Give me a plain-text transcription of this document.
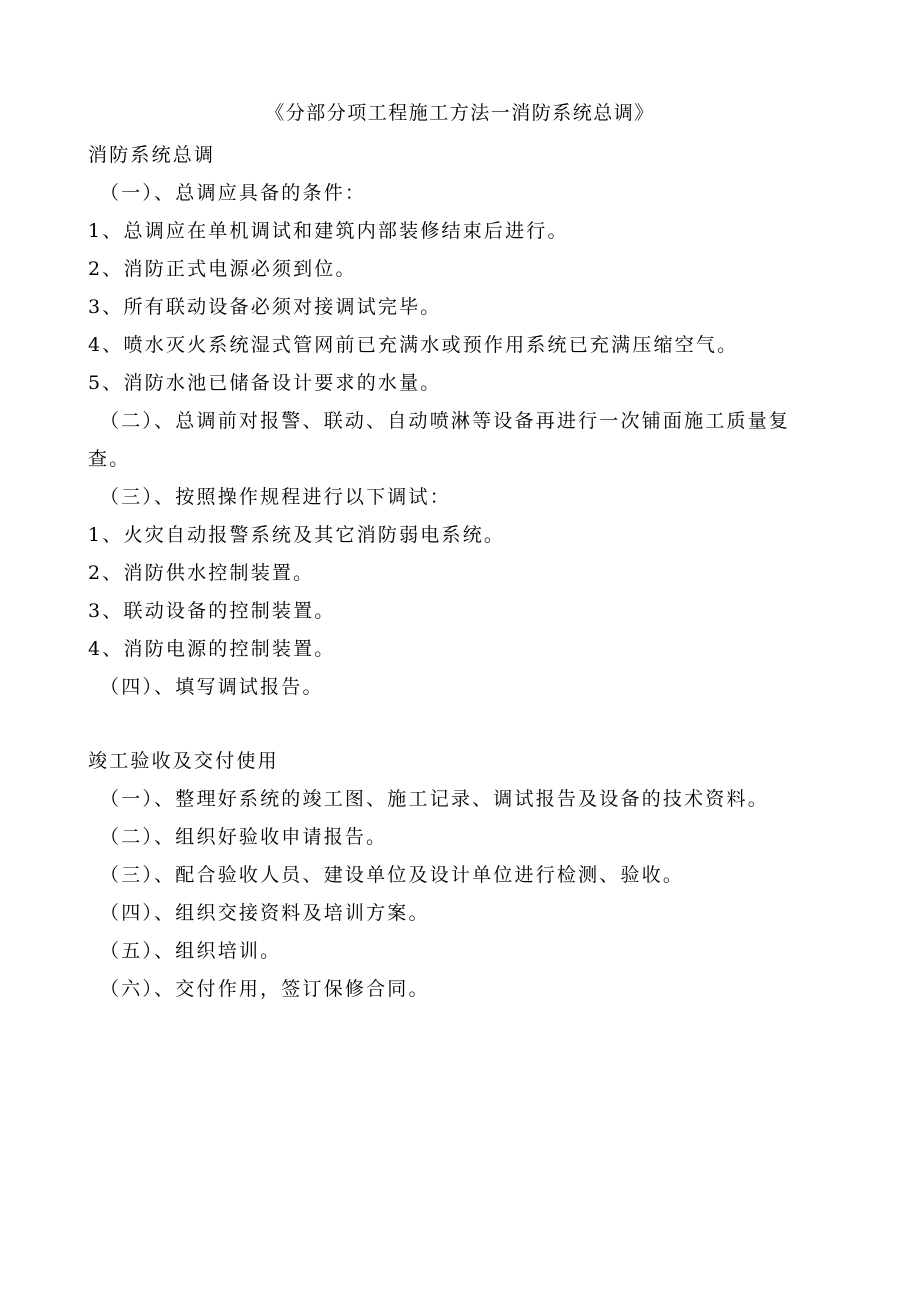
《分部分项工程施工方法一消防系统总调》
消防系统总调
（一）、总调应具备的条件：
1、总调应在单机调试和建筑内部装修结束后进行。
2、消防正式电源必须到位。
3、所有联动设备必须对接调试完毕。
4、喷水灭火系统湿式管网前已充满水或预作用系统已充满压缩空气。
5、消防水池已储备设计要求的水量。
（二）、总调前对报警、联动、自动喷淋等设备再进行一次铺面施工质量复查。
（三）、按照操作规程进行以下调试：
1、火灾自动报警系统及其它消防弱电系统。
2、消防供水控制装置。
3、联动设备的控制装置。
4、消防电源的控制装置。
（四）、填写调试报告。
竣工验收及交付使用
（一）、整理好系统的竣工图、施工记录、调试报告及设备的技术资料。
（二）、组织好验收申请报告。
（三）、配合验收人员、建设单位及设计单位进行检测、验收。
（四）、组织交接资料及培训方案。
（五）、组织培训。
（六）、交付作用，签订保修合同。
